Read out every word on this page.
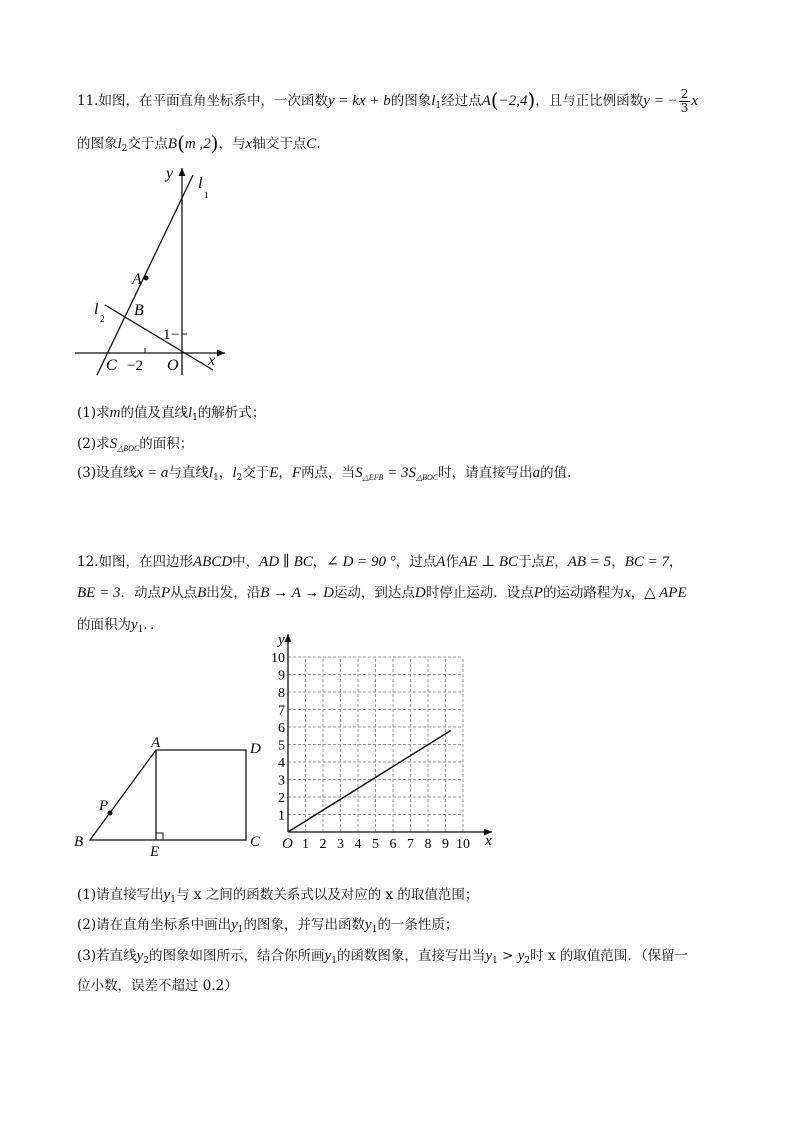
11.如图，在平面直角坐标系中，一次函数y = kx + b的图象$l_1$经过点A(−2,4)，且与正比例函数y = − $\frac{2}{3}$ x
的图象$l_2$交于点B(m ,2)，与x轴交于点C.
y
l
1
A
l
2 B
1
C −2 O x
−
(1)求m的值及直线$l_1$的解析式；
(2)求$S_{\triangle BOC}$的面积；
(3)设直线x = a与直线$l_1$，$l_2$交于E，F两点，当$S_{\triangle EFB} = 3S_{\triangle BOC}$时，请直接写出a的值.
12.如图，在四边形ABCD中，AD ∥ BC，∠ D = 90 °，过点A作AE ⊥ BC于点E，AB = 5，BC = 7，
BE = 3．动点P从点B出发，沿B → A → D运动，到达点D时停止运动．设点P的运动路程为x，△ APE
的面积为$y_1$．．
A	D
P
B
E
C	1 2 3 4 5 6 7 8 9 10
1
2
3
4
5
6
7
8
9
10
O	x
y
(1)请直接写出$y_1$与 x 之间的函数关系式以及对应的 x 的取值范围；
(2)请在直角坐标系中画出$y_1$的图象，并写出函数$y_1$的一条性质；
(3)若直线$y_2$的图象如图所示，结合你所画$y_1$的函数图象，直接写出当$y_1 > y_2$时 x 的取值范围．（保留一
位小数，误差不超过 0.2）
